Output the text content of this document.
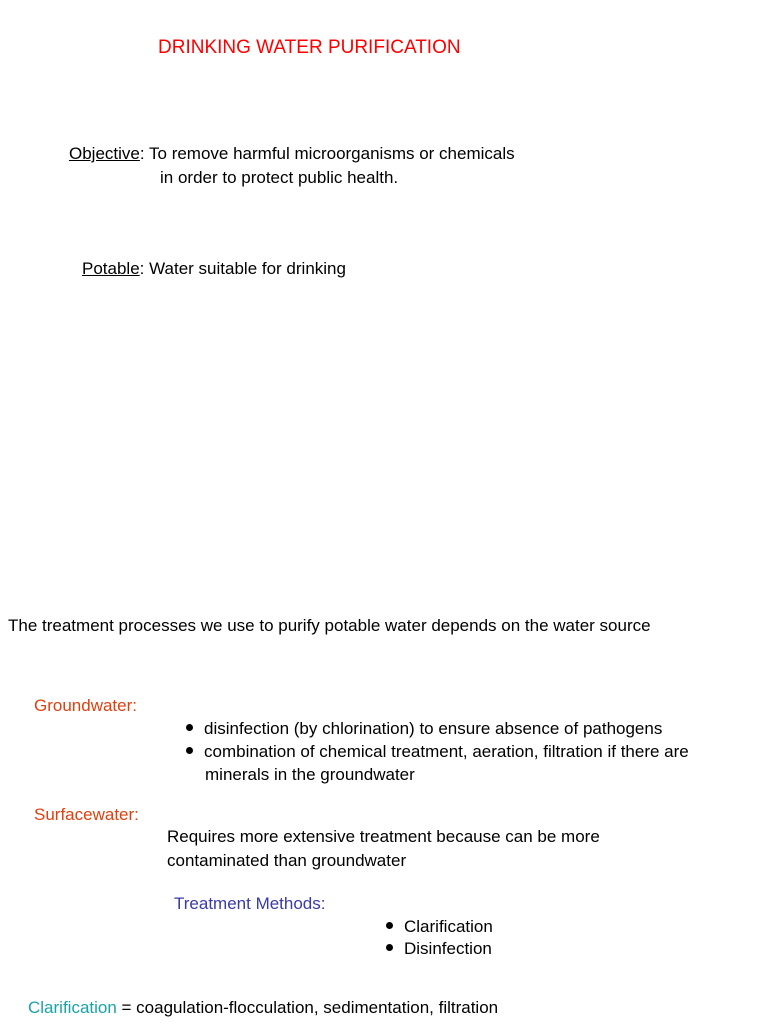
DRINKING WATER PURIFICATION
Objective: To remove harmful microorganisms or chemicals
in order to protect public health.
Potable: Water suitable for drinking
The treatment processes we use to purify potable water depends on the water source
Groundwater:
disinfection (by chlorination) to ensure absence of pathogens
combination of chemical treatment, aeration, filtration if there are
minerals in the groundwater
Surfacewater:
Requires more extensive treatment because can be more
contaminated than groundwater
Treatment Methods:
Clarification
Disinfection
Clarification = coagulation-flocculation, sedimentation, filtration
